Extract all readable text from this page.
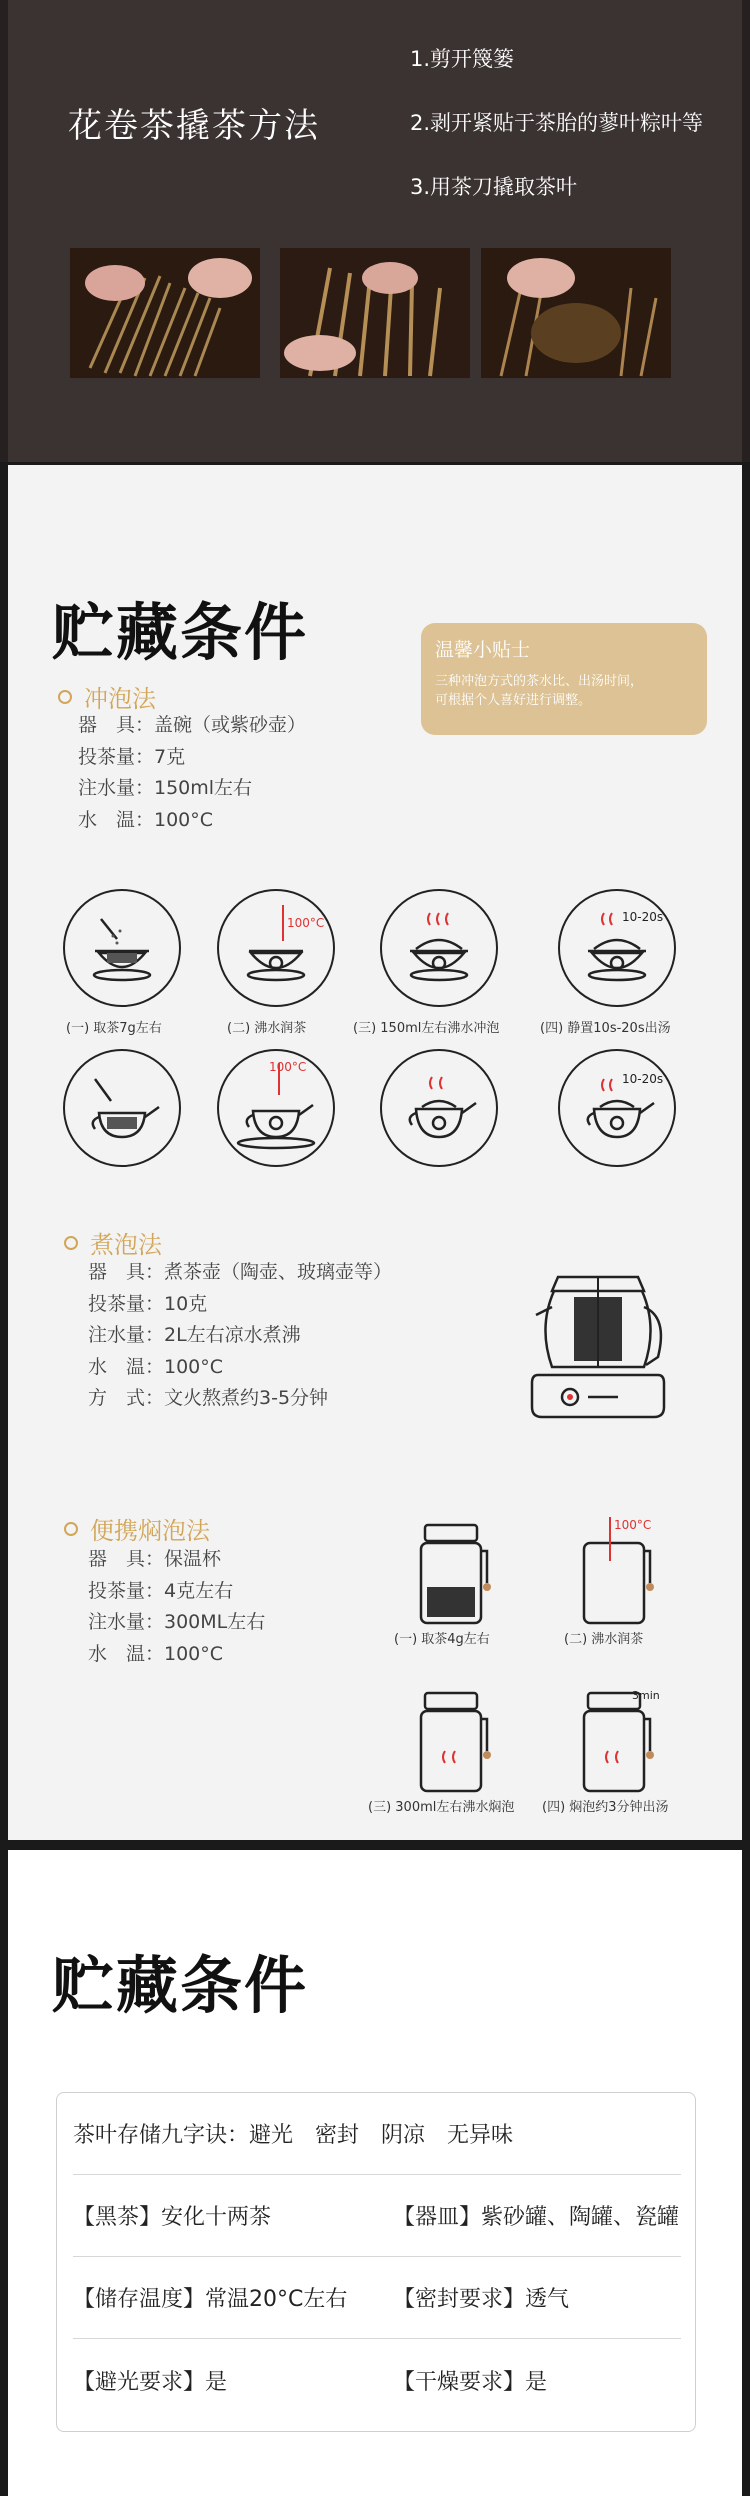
花卷茶撬茶方法
1.剪开篾篓
2.剥开紧贴于茶胎的蓼叶粽叶等
3.用茶刀撬取茶叶
贮藏条件	温馨小贴士
三种冲泡方式的茶水比、出汤时间，
可根据个人喜好进行调整。
冲泡法
器　具：盖碗（或紫砂壶）
投茶量：7克
注水量：150ml左右
水　温：100°C
100°C	10-20s
(一) 取茶7g左右	(二) 沸水润茶	(三) 150ml左右沸水冲泡	(四) 静置10s-20s出汤
100°C
10-20s
煮泡法
器　具：煮茶壶（陶壶、玻璃壶等）
投茶量：10克
注水量：2L左右凉水煮沸
水　温：100°C
方　式：文火熬煮约3-5分钟
便携焖泡法
器　具：保温杯
投茶量：4克左右
注水量：300ML左右
水　温：100°C
100°C
(一) 取茶4g左右	(二) 沸水润茶
3min
(三) 300ml左右沸水焖泡 (四) 焖泡约3分钟出汤
贮藏条件
茶叶存储九字诀：避光　密封　阴凉　无异味
【黑茶】安化十两茶	【器皿】紫砂罐、陶罐、瓷罐
【储存温度】常温20°C左右 【密封要求】透气
【避光要求】是	【干燥要求】是
